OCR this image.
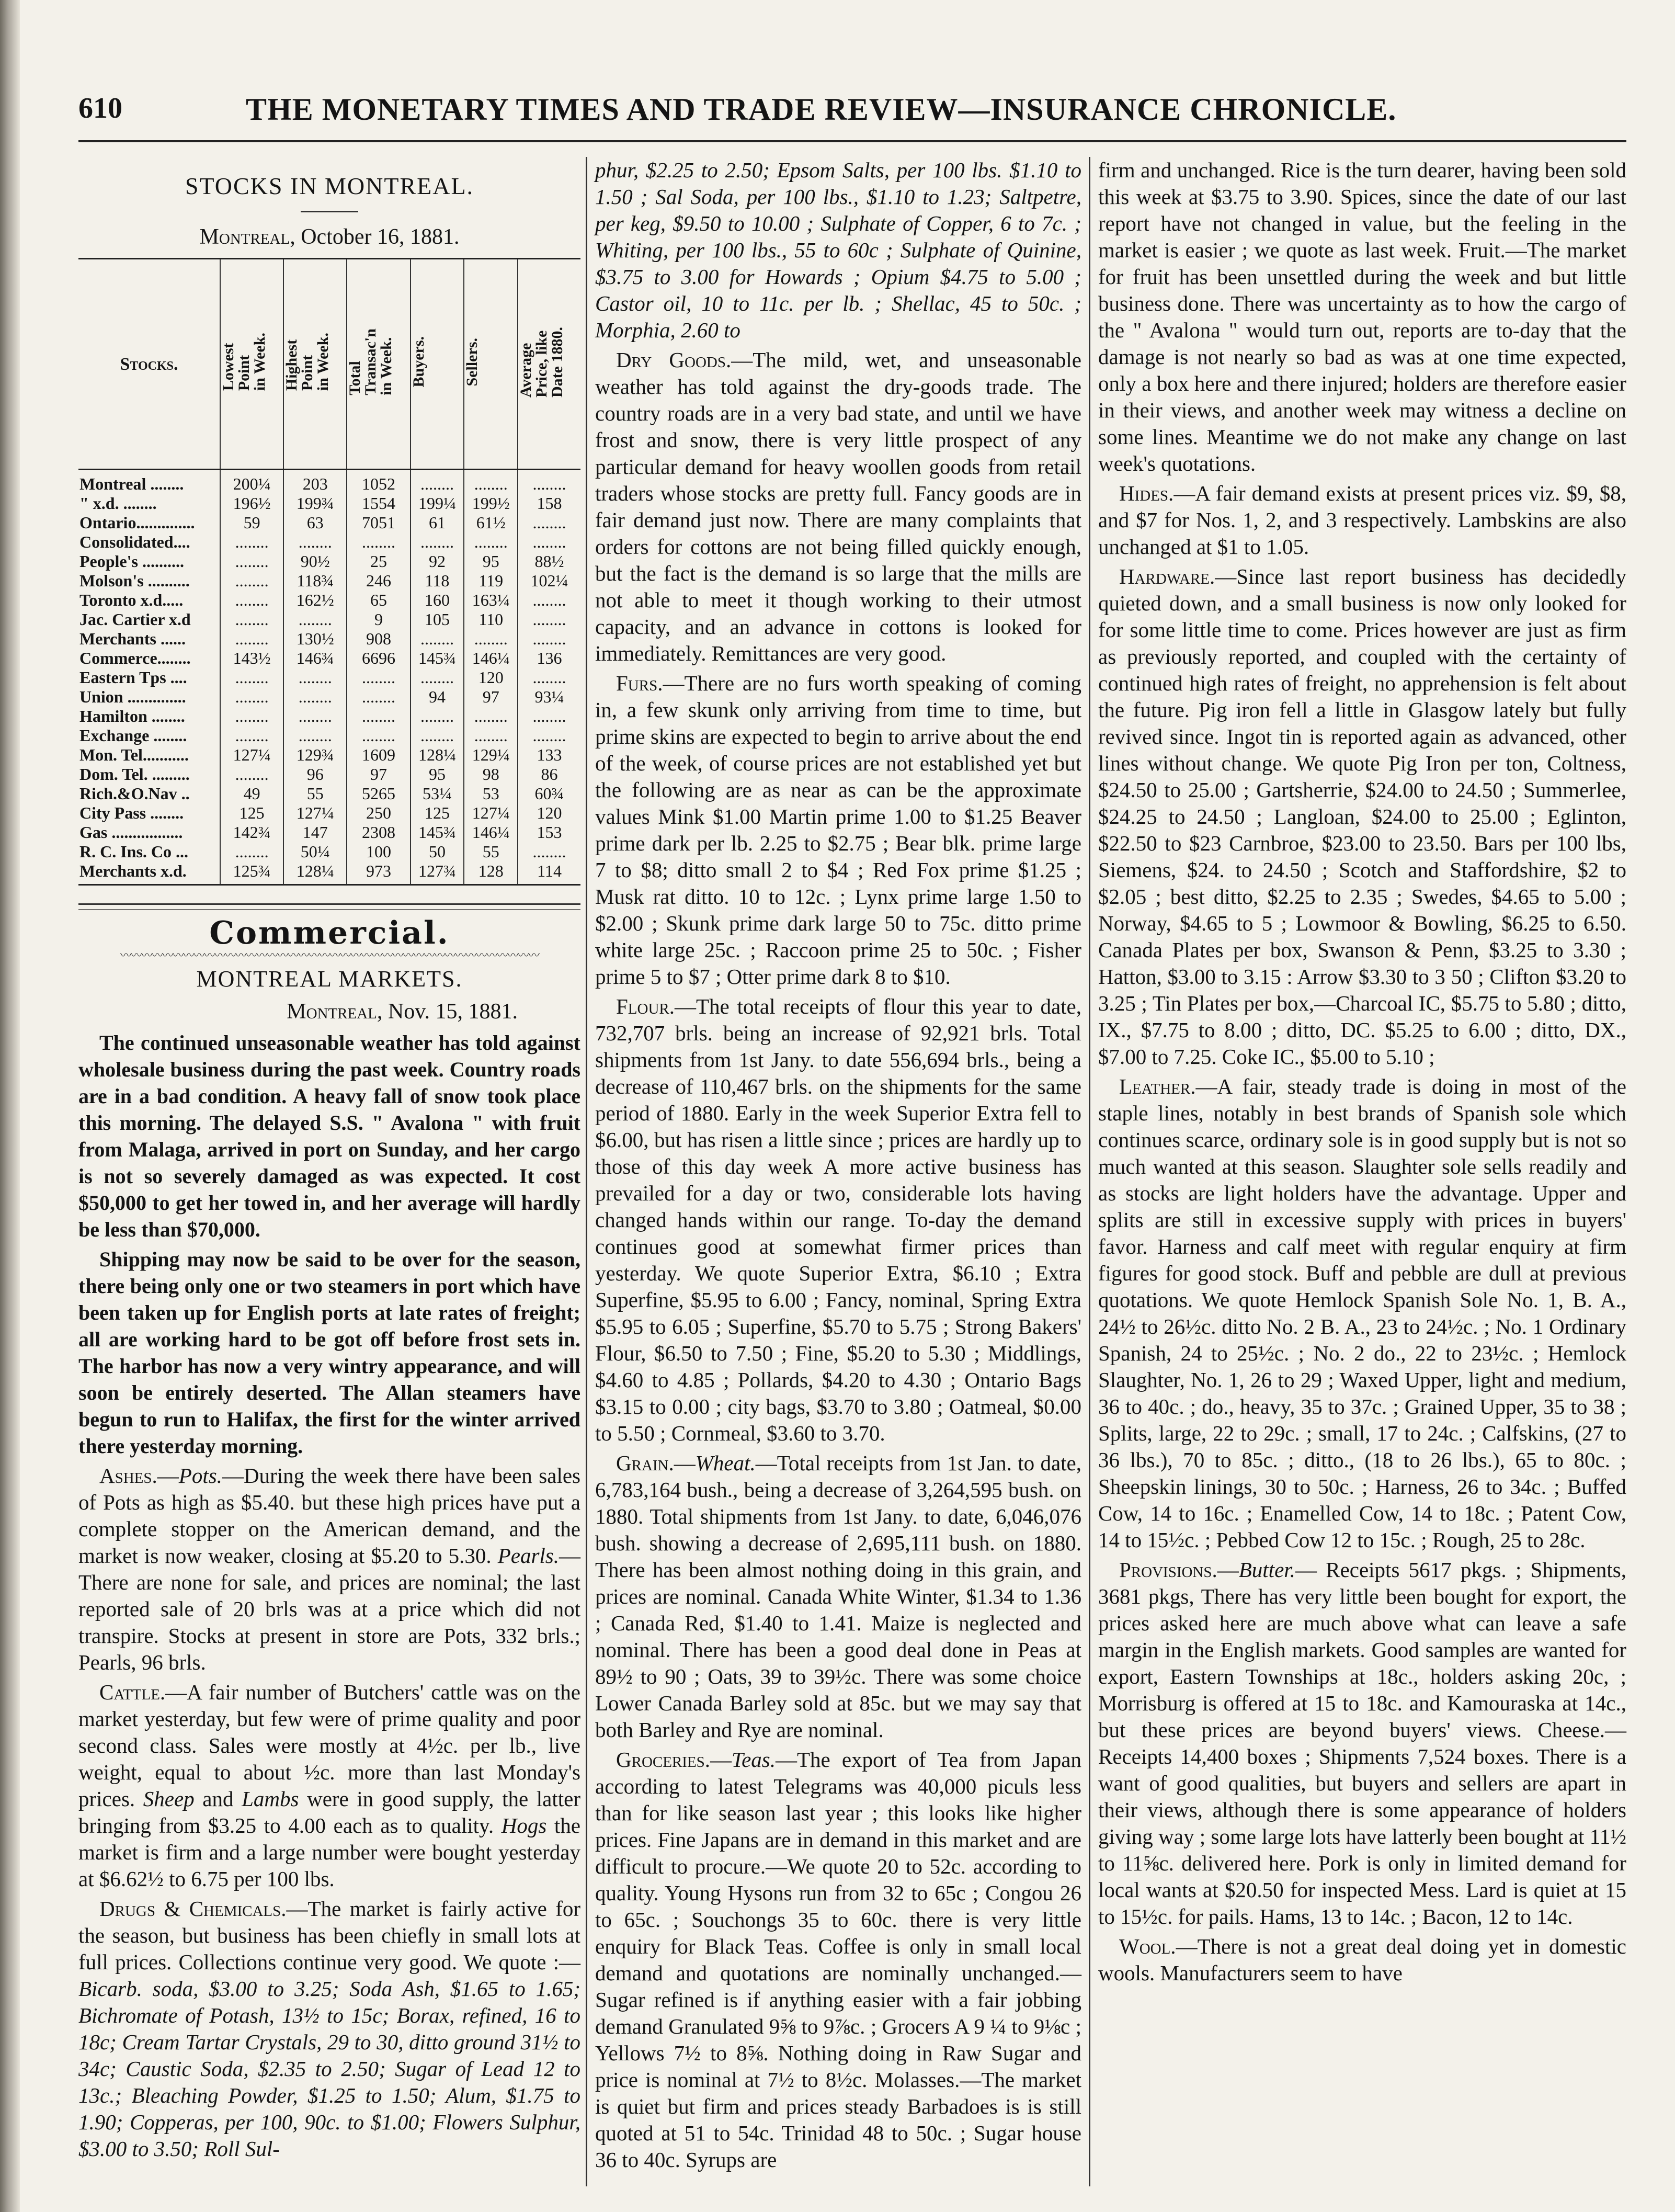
610	THE MONETARY TIMES AND TRADE REVIEW—INSURANCE CHRONICLE.
STOCKS IN MONTREAL.
Montreal, October 16, 1881.
Stocks.	Lowest
Point
in Week.	Highest
Point
in Week.	Total
Transac'n
in Week.	Buyers.	Sellers.	Average
Price, like
Date 1880.
Montreal ........	200¼	203	1052	........	........	........
" x.d. ........	196½	199¾	1554	199¼	199½	158
Ontario..............	59	63	7051	61	61½	........
Consolidated....	........	........	........	........	........	........
People's ..........	........	90½	25	92	95	88½
Molson's ..........	........	118¾	246	118	119	102¼
Toronto x.d.....	........	162½	65	160	163¼	........
Jac. Cartier x.d	........	........	9	105	110	........
Merchants ......	........	130½	908	........	........	........
Commerce........	143½	146¾	6696	145¾	146¼	136
Eastern Tps ....	........	........	........	........	120	........
Union ..............	........	........	........	94	97	93¼
Hamilton ........	........	........	........	........	........	........
Exchange ........	........	........	........	........	........	........
Mon. Tel...........	127¼	129¾	1609	128¼	129¼	133
Dom. Tel. .........	........	96	97	95	98	86
Rich.&O.Nav ..	49	55	5265	53¼	53	60¾
City Pass ........	125	127¼	250	125	127¼	120
Gas .................	142¾	147	2308	145¾	146¼	153
R. C. Ins. Co ...	........	50¼	100	50	55	........
Merchants x.d.	125¾	128¼	973	127¾	128	114
Commercial.
〰〰〰〰〰〰〰〰〰〰〰〰〰〰〰〰〰〰〰〰〰〰〰〰〰〰〰〰〰〰〰〰〰〰〰〰〰〰〰〰
MONTREAL MARKETS.
Montreal, Nov. 15, 1881.

The continued unseasonable weather has told against wholesale business during the past week. Country roads are in a bad condition. A heavy fall of snow took place this morning. The delayed S.S. " Avalona " with fruit from Malaga, arrived in port on Sunday, and her cargo is not so severely damaged as was expected. It cost $50,000 to get her towed in, and her average will hardly be less than $70,000.

Shipping may now be said to be over for the season, there being only one or two steamers in port which have been taken up for English ports at late rates of freight; all are working hard to be got off before frost sets in. The harbor has now a very wintry appearance, and will soon be entirely deserted. The Allan steamers have begun to run to Halifax, the first for the winter arrived there yesterday morning.

Ashes.—Pots.—During the week there have been sales of Pots as high as $5.40. but these high prices have put a complete stopper on the American demand, and the market is now weaker, closing at $5.20 to 5.30. Pearls.—There are none for sale, and prices are nominal; the last reported sale of 20 brls was at a price which did not transpire. Stocks at present in store are Pots, 332 brls.; Pearls, 96 brls.

Cattle.—A fair number of Butchers' cattle was on the market yesterday, but few were of prime quality and poor second class. Sales were mostly at 4½c. per lb., live weight, equal to about ½c. more than last Monday's prices. Sheep and Lambs were in good supply, the latter bringing from $3.25 to 4.00 each as to quality. Hogs the market is firm and a large number were bought yesterday at $6.62½ to 6.75 per 100 lbs.

Drugs & Chemicals.—The market is fairly active for the season, but business has been chiefly in small lots at full prices. Collections continue very good. We quote :—Bicarb. soda, $3.00 to 3.25; Soda Ash, $1.65 to 1.65; Bichromate of Potash, 13½ to 15c; Borax, refined, 16 to 18c; Cream Tartar Crystals, 29 to 30, ditto ground 31½ to 34c; Caustic Soda, $2.35 to 2.50; Sugar of Lead 12 to 13c.; Bleaching Powder, $1.25 to 1.50; Alum, $1.75 to 1.90; Copperas, per 100, 90c. to $1.00; Flowers Sulphur, $3.00 to 3.50; Roll Sul-

phur, $2.25 to 2.50; Epsom Salts, per 100 lbs. $1.10 to 1.50 ; Sal Soda, per 100 lbs., $1.10 to 1.23; Saltpetre, per keg, $9.50 to 10.00 ; Sulphate of Copper, 6 to 7c. ; Whiting, per 100 lbs., 55 to 60c ; Sulphate of Quinine, $3.75 to 3.00 for Howards ; Opium $4.75 to 5.00 ; Castor oil, 10 to 11c. per lb. ; Shellac, 45 to 50c. ; Morphia, 2.60 to

Dry Goods.—The mild, wet, and unseasonable weather has told against the dry-goods trade. The country roads are in a very bad state, and until we have frost and snow, there is very little prospect of any particular demand for heavy woollen goods from retail traders whose stocks are pretty full. Fancy goods are in fair demand just now. There are many complaints that orders for cottons are not being filled quickly enough, but the fact is the demand is so large that the mills are not able to meet it though working to their utmost capacity, and an advance in cottons is looked for immediately. Remittances are very good.

Furs.—There are no furs worth speaking of coming in, a few skunk only arriving from time to time, but prime skins are expected to begin to arrive about the end of the week, of course prices are not established yet but the following are as near as can be the approximate values Mink $1.00 Martin prime 1.00 to $1.25 Beaver prime dark per lb. 2.25 to $2.75 ; Bear blk. prime large 7 to $8; ditto small 2 to $4 ; Red Fox prime $1.25 ; Musk rat ditto. 10 to 12c. ; Lynx prime large 1.50 to $2.00 ; Skunk prime dark large 50 to 75c. ditto prime white large 25c. ; Raccoon prime 25 to 50c. ; Fisher prime 5 to $7 ; Otter prime dark 8 to $10.

Flour.—The total receipts of flour this year to date, 732,707 brls. being an increase of 92,921 brls. Total shipments from 1st Jany. to date 556,694 brls., being a decrease of 110,467 brls. on the shipments for the same period of 1880. Early in the week Superior Extra fell to $6.00, but has risen a little since ; prices are hardly up to those of this day week A more active business has prevailed for a day or two, considerable lots having changed hands within our range. To-day the demand continues good at somewhat firmer prices than yesterday. We quote Superior Extra, $6.10 ; Extra Superfine, $5.95 to 6.00 ; Fancy, nominal, Spring Extra $5.95 to 6.05 ; Superfine, $5.70 to 5.75 ; Strong Bakers' Flour, $6.50 to 7.50 ; Fine, $5.20 to 5.30 ; Middlings, $4.60 to 4.85 ; Pollards, $4.20 to 4.30 ; Ontario Bags $3.15 to 0.00 ; city bags, $3.70 to 3.80 ; Oatmeal, $0.00 to 5.50 ; Cornmeal, $3.60 to 3.70.

Grain.—Wheat.—Total receipts from 1st Jan. to date, 6,783,164 bush., being a decrease of 3,264,595 bush. on 1880. Total shipments from 1st Jany. to date, 6,046,076 bush. showing a decrease of 2,695,111 bush. on 1880. There has been almost nothing doing in this grain, and prices are nominal. Canada White Winter, $1.34 to 1.36 ; Canada Red, $1.40 to 1.41. Maize is neglected and nominal. There has been a good deal done in Peas at 89½ to 90 ; Oats, 39 to 39½c. There was some choice Lower Canada Barley sold at 85c. but we may say that both Barley and Rye are nominal.

Groceries.—Teas.—The export of Tea from Japan according to latest Telegrams was 40,000 piculs less than for like season last year ; this looks like higher prices. Fine Japans are in demand in this market and are difficult to procure.—We quote 20 to 52c. according to quality. Young Hysons run from 32 to 65c ; Congou 26 to 65c. ; Souchongs 35 to 60c. there is very little enquiry for Black Teas. Coffee is only in small local demand and quotations are nominally unchanged.—Sugar refined is if anything easier with a fair jobbing demand Granulated 9⅝ to 9⅞c. ; Grocers A 9 ¼ to 9⅛c ; Yellows 7½ to 8⅝. Nothing doing in Raw Sugar and price is nominal at 7½ to 8½c. Molasses.—The market is quiet but firm and prices steady Barbadoes is is still quoted at 51 to 54c. Trinidad 48 to 50c. ; Sugar house 36 to 40c. Syrups are

firm and unchanged. Rice is the turn dearer, having been sold this week at $3.75 to 3.90. Spices, since the date of our last report have not changed in value, but the feeling in the market is easier ; we quote as last week. Fruit.—The market for fruit has been unsettled during the week and but little business done. There was uncertainty as to how the cargo of the " Avalona " would turn out, reports are to-day that the damage is not nearly so bad as was at one time expected, only a box here and there injured; holders are therefore easier in their views, and another week may witness a decline on some lines. Meantime we do not make any change on last week's quotations.

Hides.—A fair demand exists at present prices viz. $9, $8, and $7 for Nos. 1, 2, and 3 respectively. Lambskins are also unchanged at $1 to 1.05.

Hardware.—Since last report business has decidedly quieted down, and a small business is now only looked for for some little time to come. Prices however are just as firm as previously reported, and coupled with the certainty of continued high rates of freight, no apprehension is felt about the future. Pig iron fell a little in Glasgow lately but fully revived since. Ingot tin is reported again as advanced, other lines without change. We quote Pig Iron per ton, Coltness, $24.50 to 25.00 ; Gartsherrie, $24.00 to 24.50 ; Summerlee, $24.25 to 24.50 ; Langloan, $24.00 to 25.00 ; Eglinton, $22.50 to $23 Carnbroe, $23.00 to 23.50. Bars per 100 lbs, Siemens, $24. to 24.50 ; Scotch and Staffordshire, $2 to $2.05 ; best ditto, $2.25 to 2.35 ; Swedes, $4.65 to 5.00 ; Norway, $4.65 to 5 ; Lowmoor & Bowling, $6.25 to 6.50. Canada Plates per box, Swanson & Penn, $3.25 to 3.30 ; Hatton, $3.00 to 3.15 : Arrow $3.30 to 3 50 ; Clifton $3.20 to 3.25 ; Tin Plates per box,—Charcoal IC, $5.75 to 5.80 ; ditto, IX., $7.75 to 8.00 ; ditto, DC. $5.25 to 6.00 ; ditto, DX., $7.00 to 7.25. Coke IC., $5.00 to 5.10 ;

Leather.—A fair, steady trade is doing in most of the staple lines, notably in best brands of Spanish sole which continues scarce, ordinary sole is in good supply but is not so much wanted at this season. Slaughter sole sells readily and as stocks are light holders have the advantage. Upper and splits are still in excessive supply with prices in buyers' favor. Harness and calf meet with regular enquiry at firm figures for good stock. Buff and pebble are dull at previous quotations. We quote Hemlock Spanish Sole No. 1, B. A., 24½ to 26½c. ditto No. 2 B. A., 23 to 24½c. ; No. 1 Ordinary Spanish, 24 to 25½c. ; No. 2 do., 22 to 23½c. ; Hemlock Slaughter, No. 1, 26 to 29 ; Waxed Upper, light and medium, 36 to 40c. ; do., heavy, 35 to 37c. ; Grained Upper, 35 to 38 ; Splits, large, 22 to 29c. ; small, 17 to 24c. ; Calfskins, (27 to 36 lbs.), 70 to 85c. ; ditto., (18 to 26 lbs.), 65 to 80c. ; Sheepskin linings, 30 to 50c. ; Harness, 26 to 34c. ; Buffed Cow, 14 to 16c. ; Enamelled Cow, 14 to 18c. ; Patent Cow, 14 to 15½c. ; Pebbed Cow 12 to 15c. ; Rough, 25 to 28c.

Provisions.—Butter.— Receipts 5617 pkgs. ; Shipments, 3681 pkgs, There has very little been bought for export, the prices asked here are much above what can leave a safe margin in the English markets. Good samples are wanted for export, Eastern Townships at 18c., holders asking 20c, ; Morrisburg is offered at 15 to 18c. and Kamouraska at 14c., but these prices are beyond buyers' views. Cheese.—Receipts 14,400 boxes ; Shipments 7,524 boxes. There is a want of good qualities, but buyers and sellers are apart in their views, although there is some appearance of holders giving way ; some large lots have latterly been bought at 11½ to 11⅝c. delivered here. Pork is only in limited demand for local wants at $20.50 for inspected Mess. Lard is quiet at 15 to 15½c. for pails. Hams, 13 to 14c. ; Bacon, 12 to 14c.

Wool.—There is not a great deal doing yet in domestic wools. Manufacturers seem to have
